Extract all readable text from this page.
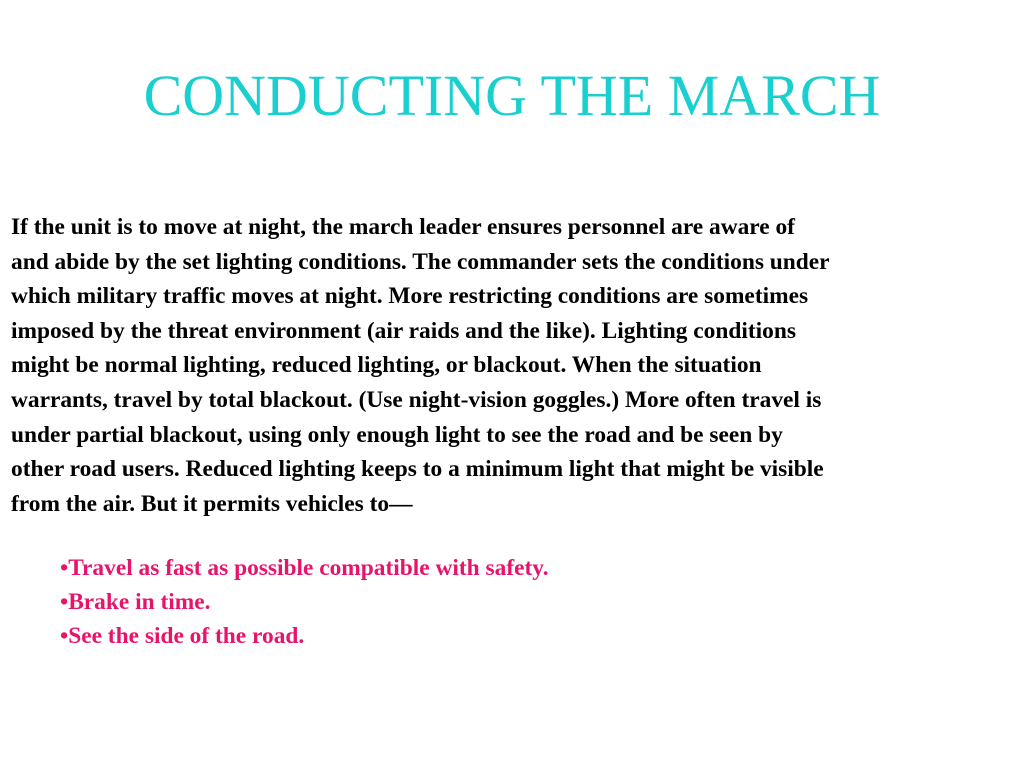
CONDUCTING THE MARCH
If the unit is to move at night, the march leader ensures personnel are aware of
and abide by the set lighting conditions. The commander sets the conditions under
which military traffic moves at night. More restricting conditions are sometimes
imposed by the threat environment (air raids and the like). Lighting conditions
might be normal lighting, reduced lighting, or blackout. When the situation
warrants, travel by total blackout. (Use night-vision goggles.) More often travel is
under partial blackout, using only enough light to see the road and be seen by
other road users. Reduced lighting keeps to a minimum light that might be visible
from the air. But it permits vehicles to—
•Travel as fast as possible compatible with safety.
•Brake in time.
•See the side of the road.
